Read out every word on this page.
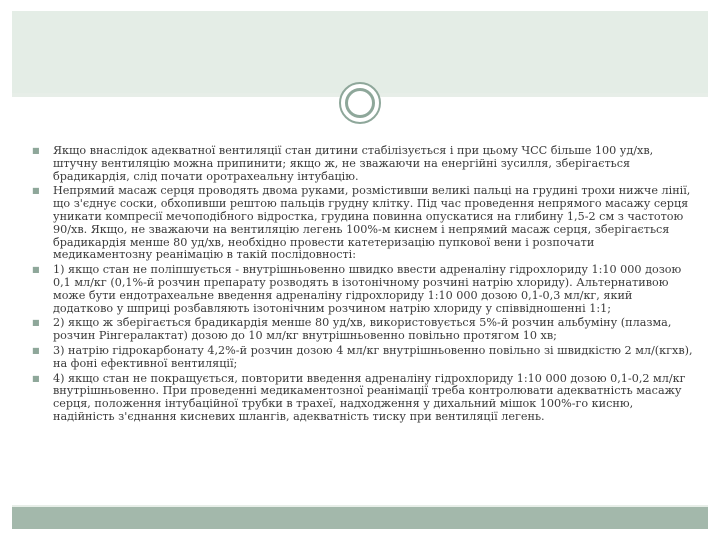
■ Якщо внаслідок адекватної вентиляції стан дитини стабілізується і при цьому ЧСС більше 100 уд/хв, штучну вентиляцію можна припинити; якщо ж, не зважаючи на енергійні зусилля, зберігається брадикардія, слід почати оротрахеальну інтубацію.
■ Непрямий масаж серця проводять двома руками, розмістивши великі пальці на грудині трохи нижче лінії, що з'єднує соски, обхопивши рештою пальців грудну клітку. Під час проведення непрямого масажу серця уникати компресії мечоподібного відростка, грудина повинна опускатися на глибину 1,5-2 см з частотою 90/хв. Якщо, не зважаючи на вентиляцію легень 100%-м киснем і непрямий масаж серця, зберігається брадикардія менше 80 уд/хв, необхідно провести катетеризацію пупкової вени і розпочати медикаментозну реанімацію в такій послідовності:
■ 1) якщо стан не поліпшується - внутрішньовенно швидко ввести адреналіну гідрохлориду 1:10 000 дозою 0,1 мл/кг (0,1%-й розчин препарату розводять в ізотонічному розчині натрію хлориду). Альтернативою може бути ендотрахеальне введення адреналіну гідрохлориду 1:10 000 дозою 0,1-0,3 мл/кг, який додатково у шприці розбавляють ізотонічним розчином натрію хлориду у співвідношенні 1:1;
■ 2) якщо ж зберігається брадикардія менше 80 уд/хв, використовується 5%-й розчин альбуміну (плазма, розчин Рінгералактат) дозою до 10 мл/кг внутрішньовенно повільно протягом 10 хв;
■ 3) натрію гідрокарбонату 4,2%-й розчин дозою 4 мл/кг внутрішньовенно повільно зі швидкістю 2 мл/(кгхв), на фоні ефективної вентиляції;
■ 4) якщо стан не покращується, повторити введення адреналіну гідрохлориду 1:10 000 дозою 0,1-0,2 мл/кг внутрішньовенно. При проведенні медикаментозної реанімації треба контролювати адекватність масажу серця, положення інтубаційної трубки в трахеї, надходження у дихальний мішок 100%-го кисню, надійність з'єднання кисневих шлангів, адекватність тиску при вентиляції легень.
